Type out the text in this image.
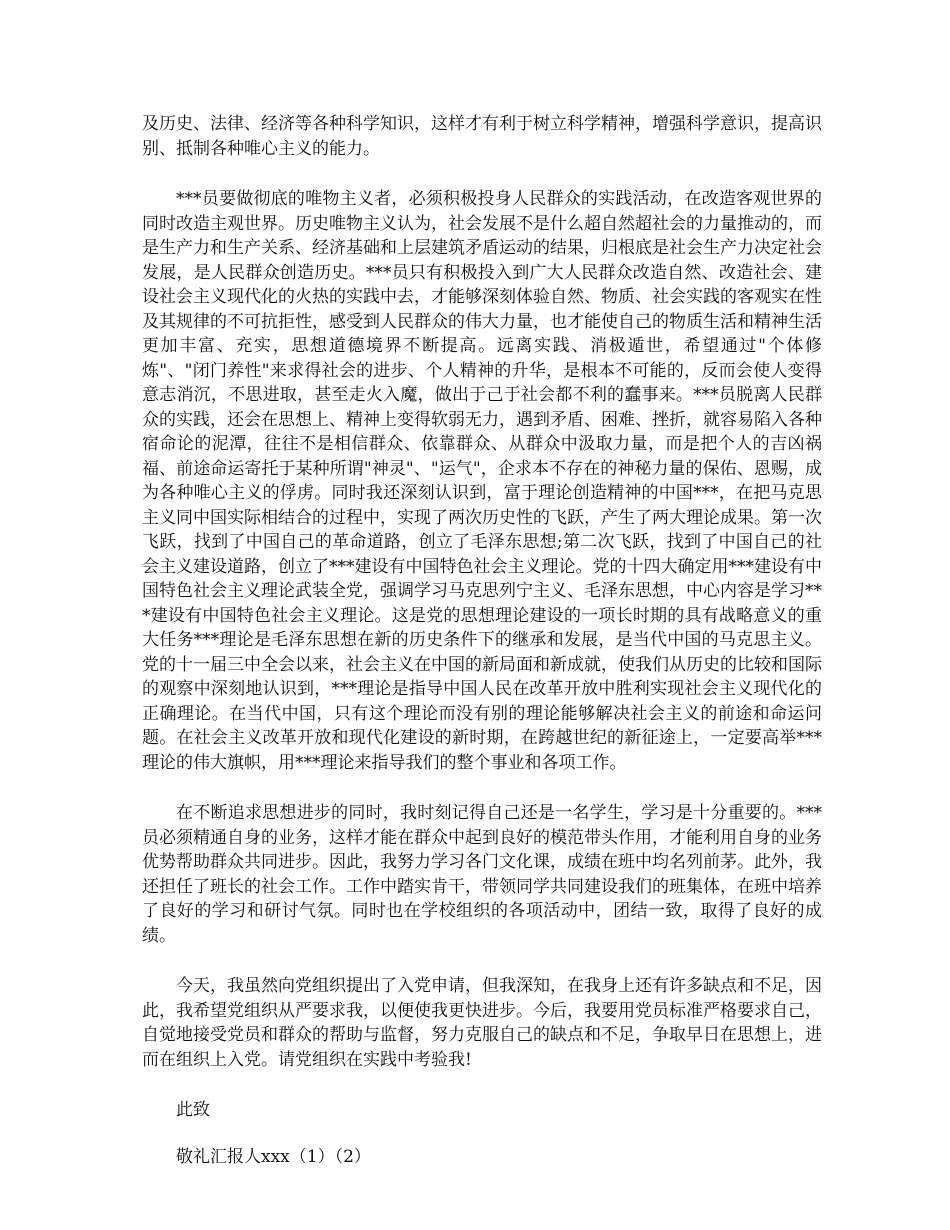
及历史、法律、经济等各种科学知识，这样才有利于树立科学精神，增强科学意识，提高识别、抵制各种唯心主义的能力。

***员要做彻底的唯物主义者，必须积极投身人民群众的实践活动，在改造客观世界的同时改造主观世界。历史唯物主义认为，社会发展不是什么超自然超社会的力量推动的，而是生产力和生产关系、经济基础和上层建筑矛盾运动的结果，归根底是社会生产力决定社会发展，是人民群众创造历史。***员只有积极投入到广大人民群众改造自然、改造社会、建设社会主义现代化的火热的实践中去，才能够深刻体验自然、物质、社会实践的客观实在性及其规律的不可抗拒性，感受到人民群众的伟大力量，也才能使自己的物质生活和精神生活更加丰富、充实，思想道德境界不断提高。远离实践、消极遁世，希望通过"个体修炼"、"闭门养性"来求得社会的进步、个人精神的升华，是根本不可能的，反而会使人变得意志消沉，不思进取，甚至走火入魔，做出于己于社会都不利的蠢事来。***员脱离人民群众的实践，还会在思想上、精神上变得软弱无力，遇到矛盾、困难、挫折，就容易陷入各种宿命论的泥潭，往往不是相信群众、依靠群众、从群众中汲取力量，而是把个人的吉凶祸福、前途命运寄托于某种所谓"神灵"、"运气"，企求本不存在的神秘力量的保佑、恩赐，成为各种唯心主义的俘虏。同时我还深刻认识到，富于理论创造精神的中国***，在把马克思主义同中国实际相结合的过程中，实现了两次历史性的飞跃，产生了两大理论成果。第一次飞跃，找到了中国自己的革命道路，创立了毛泽东思想;第二次飞跃，找到了中国自己的社会主义建设道路，创立了***建设有中国特色社会主义理论。党的十四大确定用***建设有中国特色社会主义理论武装全党，强调学习马克思列宁主义、毛泽东思想，中心内容是学习***建设有中国特色社会主义理论。这是党的思想理论建设的一项长时期的具有战略意义的重大任务***理论是毛泽东思想在新的历史条件下的继承和发展，是当代中国的马克思主义。党的十一届三中全会以来，社会主义在中国的新局面和新成就，使我们从历史的比较和国际的观察中深刻地认识到，***理论是指导中国人民在改革开放中胜利实现社会主义现代化的正确理论。在当代中国，只有这个理论而没有别的理论能够解决社会主义的前途和命运问题。在社会主义改革开放和现代化建设的新时期，在跨越世纪的新征途上，一定要高举***理论的伟大旗帜，用***理论来指导我们的整个事业和各项工作。

在不断追求思想进步的同时，我时刻记得自己还是一名学生，学习是十分重要的。***员必须精通自身的业务，这样才能在群众中起到良好的模范带头作用，才能利用自身的业务优势帮助群众共同进步。因此，我努力学习各门文化课，成绩在班中均名列前茅。此外，我还担任了班长的社会工作。工作中踏实肯干，带领同学共同建设我们的班集体，在班中培养了良好的学习和研讨气氛。同时也在学校组织的各项活动中，团结一致，取得了良好的成绩。

今天，我虽然向党组织提出了入党申请，但我深知，在我身上还有许多缺点和不足，因此，我希望党组织从严要求我，以便使我更快进步。今后，我要用党员标准严格要求自己，自觉地接受党员和群众的帮助与监督，努力克服自己的缺点和不足，争取早日在思想上，进而在组织上入党。请党组织在实践中考验我!

此致

敬礼汇报人xxx（1）（2）
